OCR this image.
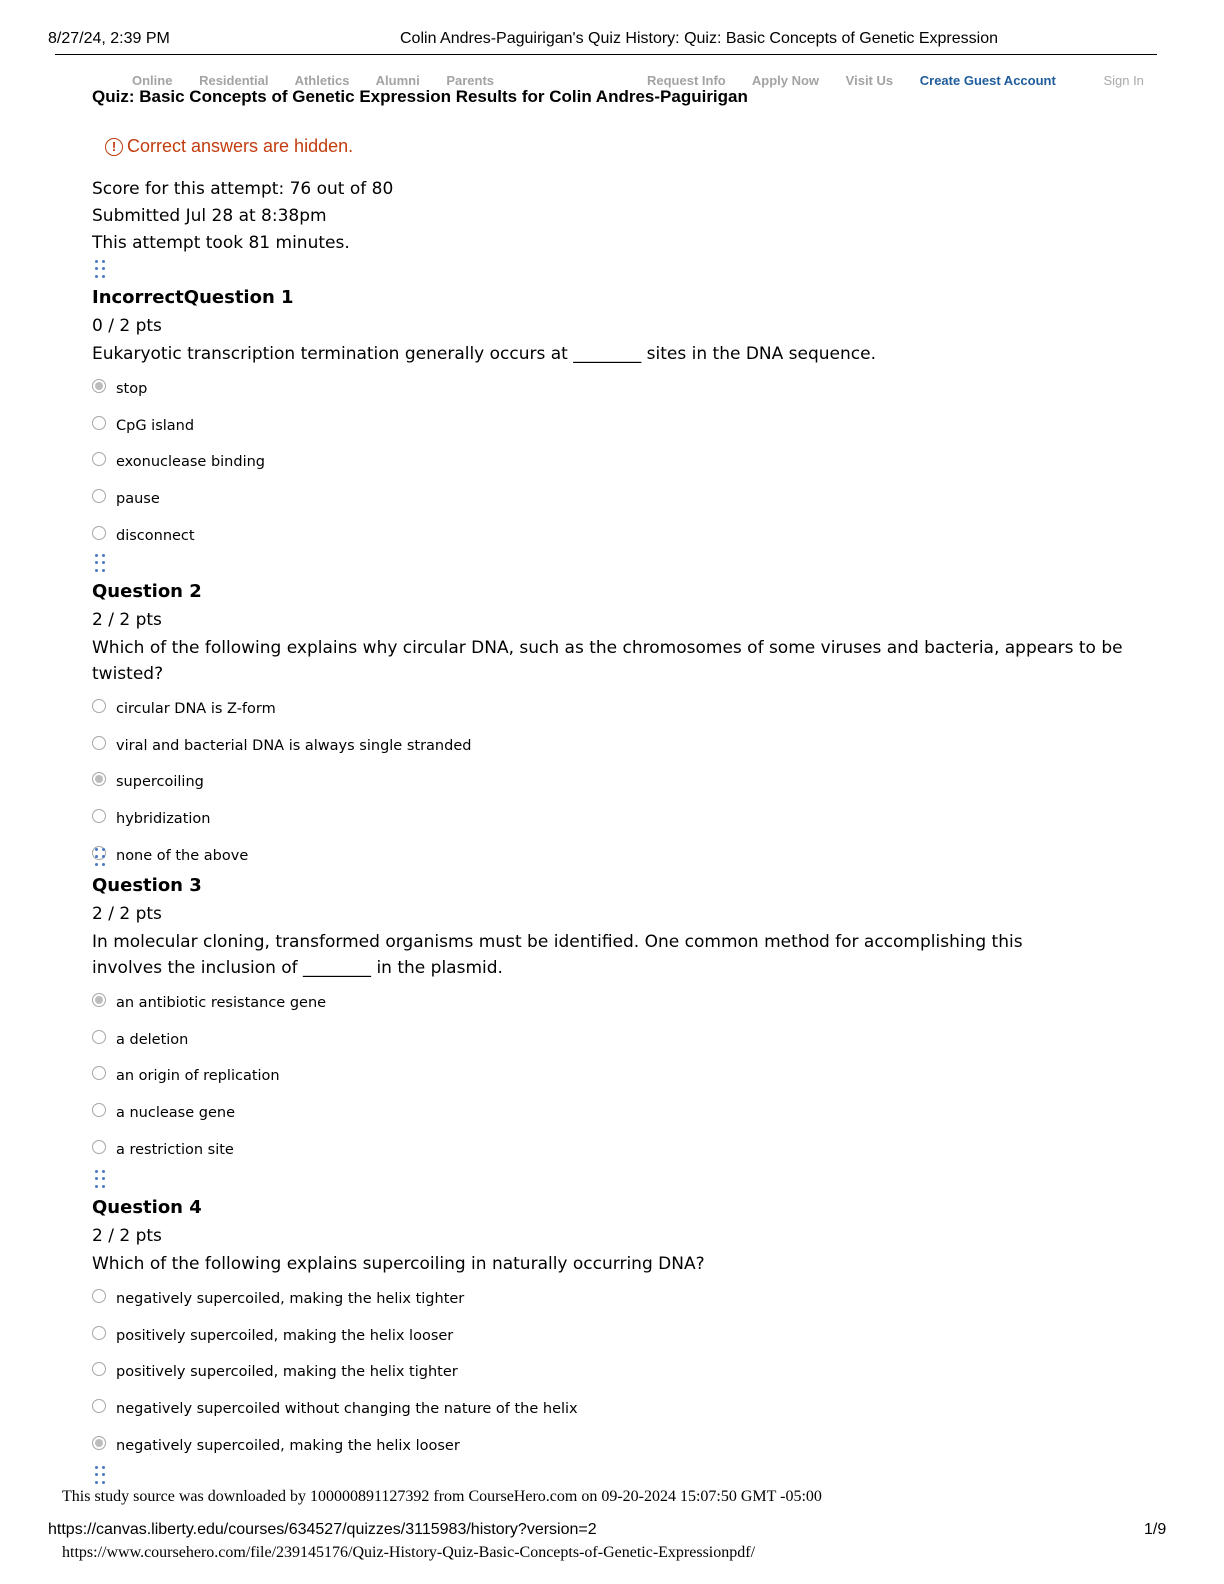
8/27/24, 2:39 PM	Colin Andres-Paguirigan's Quiz History: Quiz: Basic Concepts of Genetic Expression
Online Residential Athletics Alumni Parents	Request Info Apply Now Visit Us Create Guest Account	Sign In
Quiz: Basic Concepts of Genetic Expression Results for Colin Andres-Paguirigan
! Correct answers are hidden.
Score for this attempt: 76 out of 80
Submitted Jul 28 at 8:38pm
This attempt took 81 minutes.
IncorrectQuestion 1
0 / 2 pts
Eukaryotic transcription termination generally occurs at ________ sites in the DNA sequence.
stop
CpG island
exonuclease binding
pause
disconnect
Question 2
2 / 2 pts
Which of the following explains why circular DNA, such as the chromosomes of some viruses and bacteria, appears to be twisted?
circular DNA is Z-form
viral and bacterial DNA is always single stranded
supercoiling
hybridization
none of the above
Question 3
2 / 2 pts
In molecular cloning, transformed organisms must be identified. One common method for accomplishing this involves the inclusion of ________ in the plasmid.
an antibiotic resistance gene
a deletion
an origin of replication
a nuclease gene
a restriction site
Question 4
2 / 2 pts
Which of the following explains supercoiling in naturally occurring DNA?
negatively supercoiled, making the helix tighter
positively supercoiled, making the helix looser
positively supercoiled, making the helix tighter
negatively supercoiled without changing the nature of the helix
negatively supercoiled, making the helix looser
This study source was downloaded by 100000891127392 from CourseHero.com on 09-20-2024 15:07:50 GMT -05:00
https://canvas.liberty.edu/courses/634527/quizzes/3115983/history?version=2	1/9
https://www.coursehero.com/file/239145176/Quiz-History-Quiz-Basic-Concepts-of-Genetic-Expressionpdf/
